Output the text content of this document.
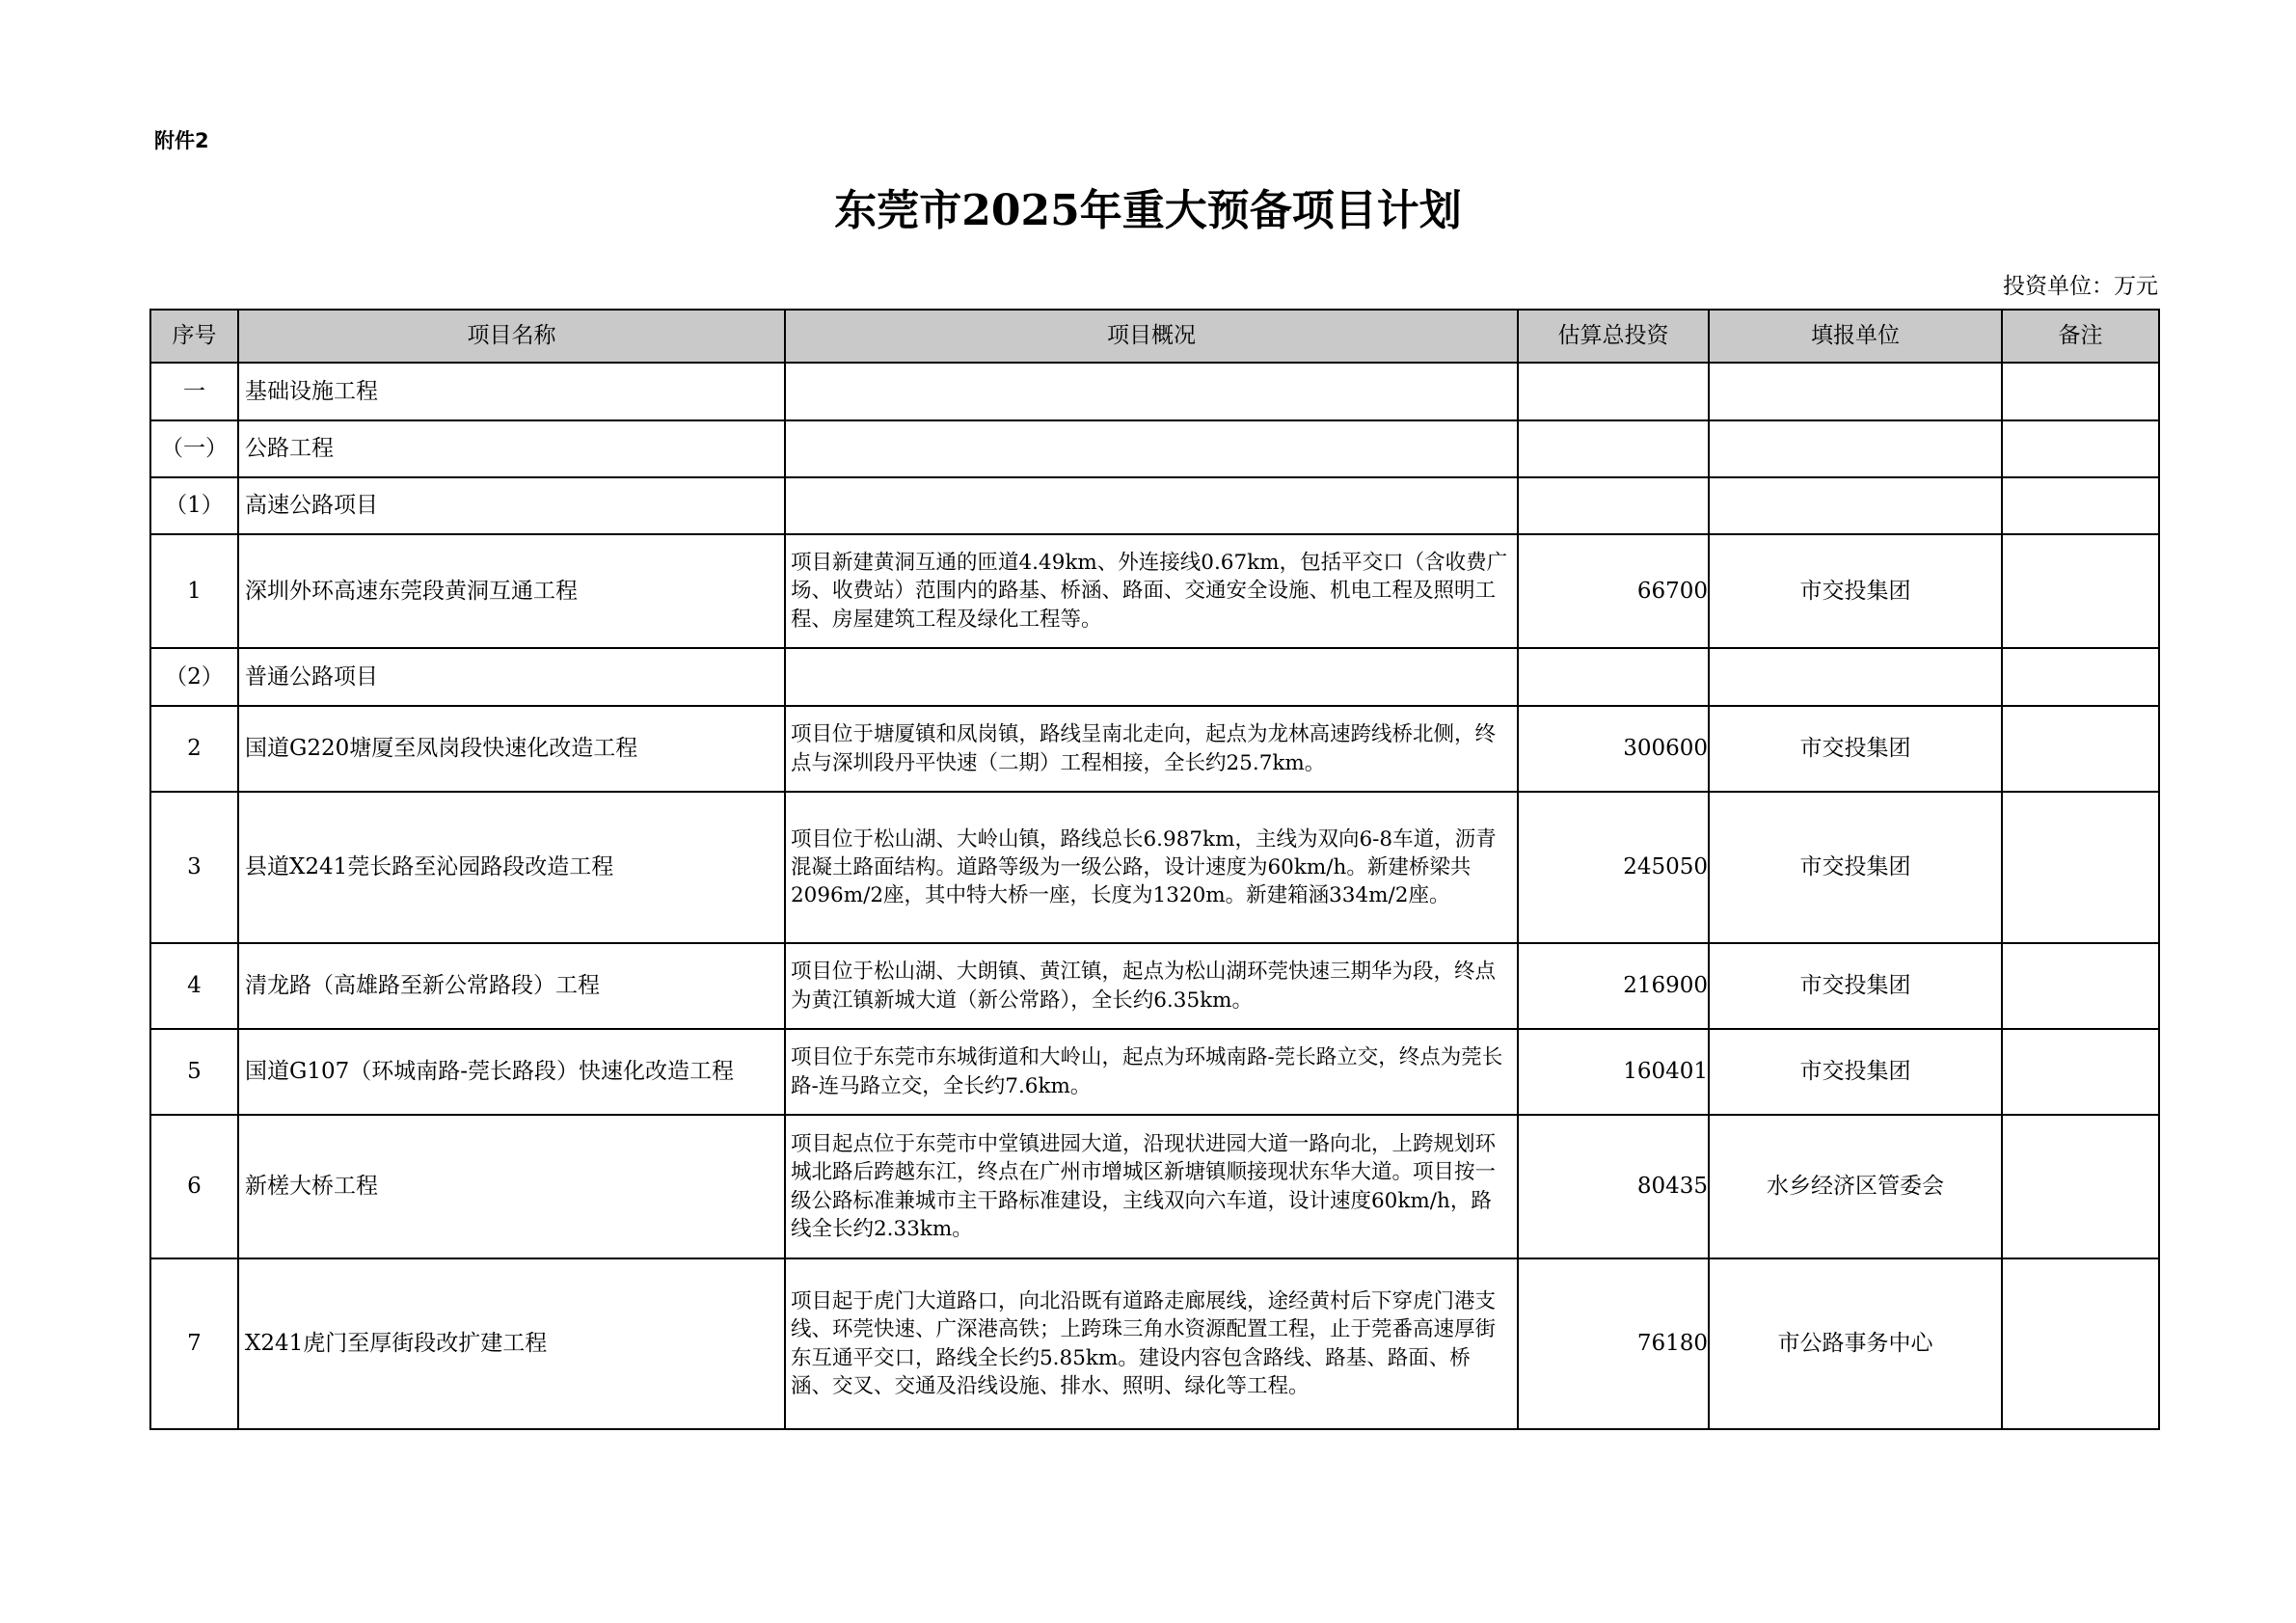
附件2
东莞市2025年重大预备项目计划
投资单位：万元
序号	项目名称	项目概况	估算总投资	填报单位	备注
一	基础设施工程				
（一）	公路工程				
（1）	高速公路项目				
1	深圳外环高速东莞段黄洞互通工程	项目新建黄洞互通的匝道4.49km、外连接线0.67km，包括平交口（含收费广场、收费站）范围内的路基、桥涵、路面、交通安全设施、机电工程及照明工程、房屋建筑工程及绿化工程等。	66700	市交投集团	
（2）	普通公路项目				
2	国道G220塘厦至凤岗段快速化改造工程	项目位于塘厦镇和凤岗镇，路线呈南北走向，起点为龙林高速跨线桥北侧，终点与深圳段丹平快速（二期）工程相接，全长约25.7km。	300600	市交投集团	
3	县道X241莞长路至沁园路段改造工程	项目位于松山湖、大岭山镇，路线总长6.987km，主线为双向6-8车道，沥青混凝土路面结构。道路等级为一级公路，设计速度为60km/h。新建桥梁共2096m/2座，其中特大桥一座，长度为1320m。新建箱涵334m/2座。	245050	市交投集团	
4	清龙路（高雄路至新公常路段）工程	项目位于松山湖、大朗镇、黄江镇，起点为松山湖环莞快速三期华为段，终点为黄江镇新城大道（新公常路），全长约6.35km。	216900	市交投集团	
5	国道G107（环城南路-莞长路段）快速化改造工程	项目位于东莞市东城街道和大岭山，起点为环城南路-莞长路立交，终点为莞长路-连马路立交，全长约7.6km。	160401	市交投集团	
6	新槎大桥工程	项目起点位于东莞市中堂镇进园大道，沿现状进园大道一路向北，上跨规划环城北路后跨越东江，终点在广州市增城区新塘镇顺接现状东华大道。项目按一级公路标准兼城市主干路标准建设，主线双向六车道，设计速度60km/h，路线全长约2.33km。	80435	水乡经济区管委会	
7	X241虎门至厚街段改扩建工程	项目起于虎门大道路口，向北沿既有道路走廊展线，途经黄村后下穿虎门港支线、环莞快速、广深港高铁；上跨珠三角水资源配置工程，止于莞番高速厚街东互通平交口，路线全长约5.85km。建设内容包含路线、路基、路面、桥涵、交叉、交通及沿线设施、排水、照明、绿化等工程。	76180	市公路事务中心	
